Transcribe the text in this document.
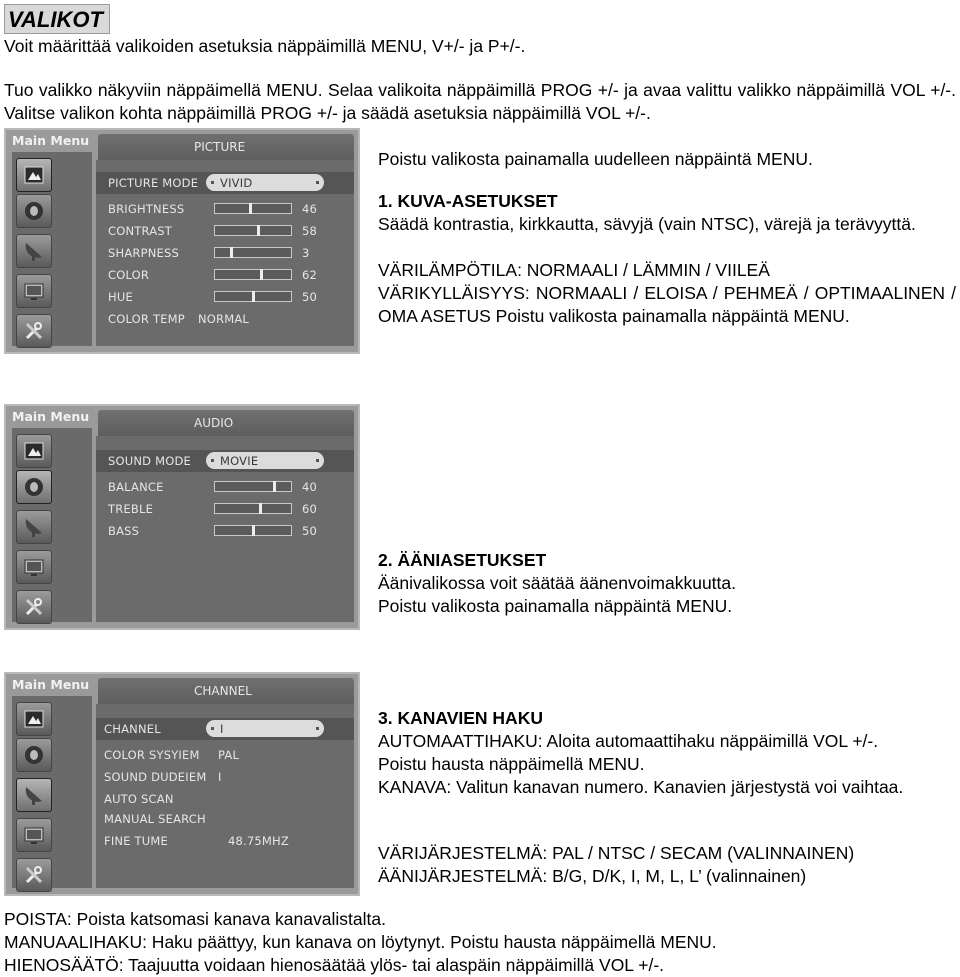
VALIKOT

Voit määrittää valikoiden asetuksia näppäimillä MENU, V+/- ja P+/-.

Tuo valikko näkyviin näppäimellä MENU. Selaa valikoita näppäimillä PROG +/- ja avaa valittu valikko näppäimillä VOL +/-. Valitse valikon kohta näppäimillä PROG +/- ja säädä asetuksia näppäimillä VOL +/-.

Main Menu	PICTURE
PICTURE MODE VIVID
BRIGHTNESS	46
CONTRAST	58
SHARPNESS	3
COLOR	62
HUE	50
COLOR TEMP NORMAL

Poistu valikosta painamalla uudelleen näppäintä MENU.

1. KUVA-ASETUKSET

Säädä kontrastia, kirkkautta, sävyjä (vain NTSC), värejä ja terävyyttä.

VÄRILÄMPÖTILA: NORMAALI / LÄMMIN / VIILEÄ

VÄRIKYLLÄISYYS: NORMAALI / ELOISA / PEHMEÄ / OPTIMAALINEN / OMA ASETUS Poistu valikosta painamalla näppäintä MENU.

Main Menu	AUDIO
SOUND MODE	MOVIE
BALANCE	40
TREBLE	60
BASS	50

2. ÄÄNIASETUKSET

Äänivalikossa voit säätää äänenvoimakkuutta.

Poistu valikosta painamalla näppäintä MENU.

Main Menu	CHANNEL
CHANNEL	I
COLOR SYSYIEM PAL
SOUND DUDEIEM I
AUTO SCAN
MANUAL SEARCH
FINE TUME	48.75MHZ

3. KANAVIEN HAKU

AUTOMAATTIHAKU: Aloita automaattihaku näppäimillä VOL +/-.

Poistu hausta näppäimellä MENU.

KANAVA: Valitun kanavan numero. Kanavien järjestystä voi vaihtaa.

VÄRIJÄRJESTELMÄ: PAL / NTSC / SECAM (VALINNAINEN)

ÄÄNIJÄRJESTELMÄ: B/G, D/K, I, M, L, L’ (valinnainen)

POISTA: Poista katsomasi kanava kanavalistalta.

MANUAALIHAKU: Haku päättyy, kun kanava on löytynyt. Poistu hausta näppäimellä MENU.

HIENOSÄÄTÖ: Taajuutta voidaan hienosäätää ylös- tai alaspäin näppäimillä VOL +/-.
